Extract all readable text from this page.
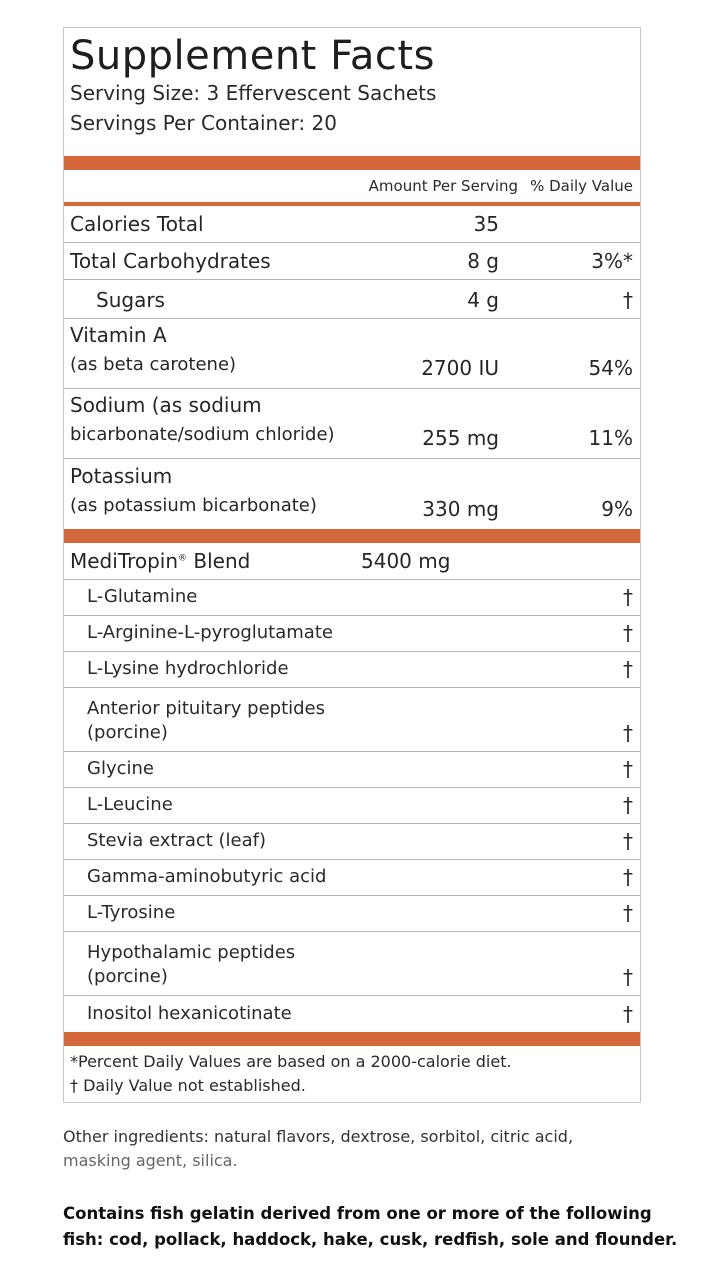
Supplement Facts
Serving Size: 3 Effervescent Sachets
Servings Per Container: 20
Amount Per Serving % Daily Value
Calories Total	35
Total Carbohydrates	8 g	3%*
Sugars	4 g	†
Vitamin A
(as beta carotene)	2700 IU	54%
Sodium (as sodium
bicarbonate/sodium chloride)	255 mg	11%
Potassium
(as potassium bicarbonate)	330 mg	9%
MediTropin® Blend	5400 mg
L-Glutamine	†
L-Arginine-L-pyroglutamate	†
L-Lysine hydrochloride	†
Anterior pituitary peptides
(porcine)	†
Glycine	†
L-Leucine	†
Stevia extract (leaf)	†
Gamma-aminobutyric acid	†
L-Tyrosine	†
Hypothalamic peptides
(porcine)	†
Inositol hexanicotinate	†
*Percent Daily Values are based on a 2000-calorie diet.
† Daily Value not established.
Other ingredients: natural flavors, dextrose, sorbitol, citric acid,
masking agent, silica.
Contains fish gelatin derived from one or more of the following
fish: cod, pollack, haddock, hake, cusk, redfish, sole and flounder.
